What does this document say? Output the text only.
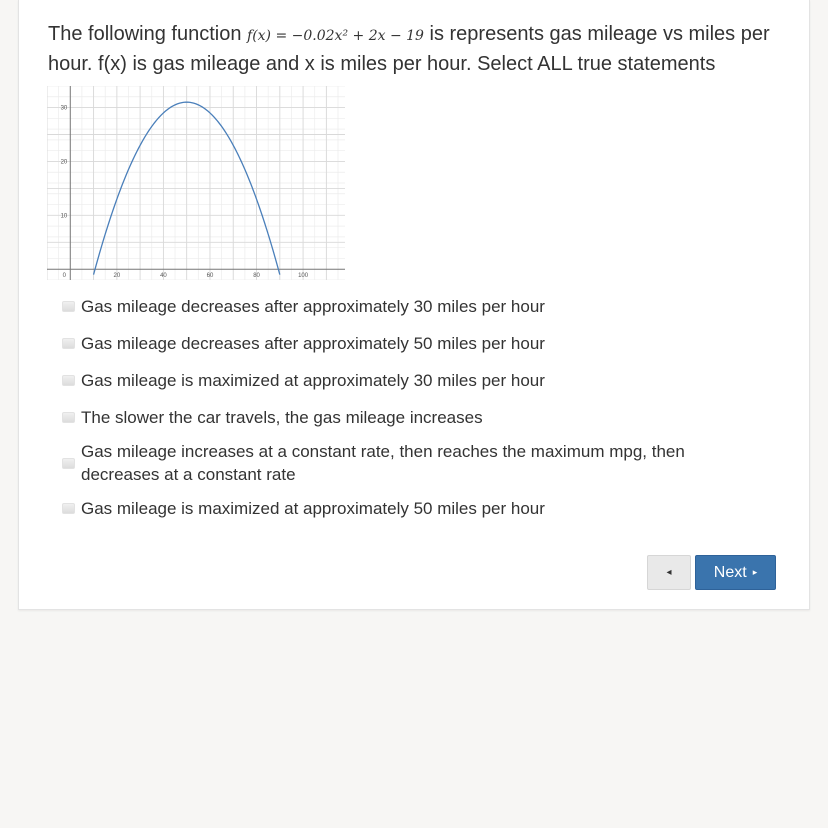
The following function f(x) = −0.02x² + 2x − 19 is represents gas mileage vs miles per hour. f(x) is gas mileage and x is miles per hour. Select ALL true statements
0	20	40	60	80	100
10
20
30
Gas mileage decreases after approximately 30 miles per hour
Gas mileage decreases after approximately 50 miles per hour
Gas mileage is maximized at approximately 30 miles per hour
The slower the car travels, the gas mileage increases
Gas mileage increases at a constant rate, then reaches the maximum mpg, then decreases at a constant rate
Gas mileage is maximized at approximately 50 miles per hour
◂	Next ▸
